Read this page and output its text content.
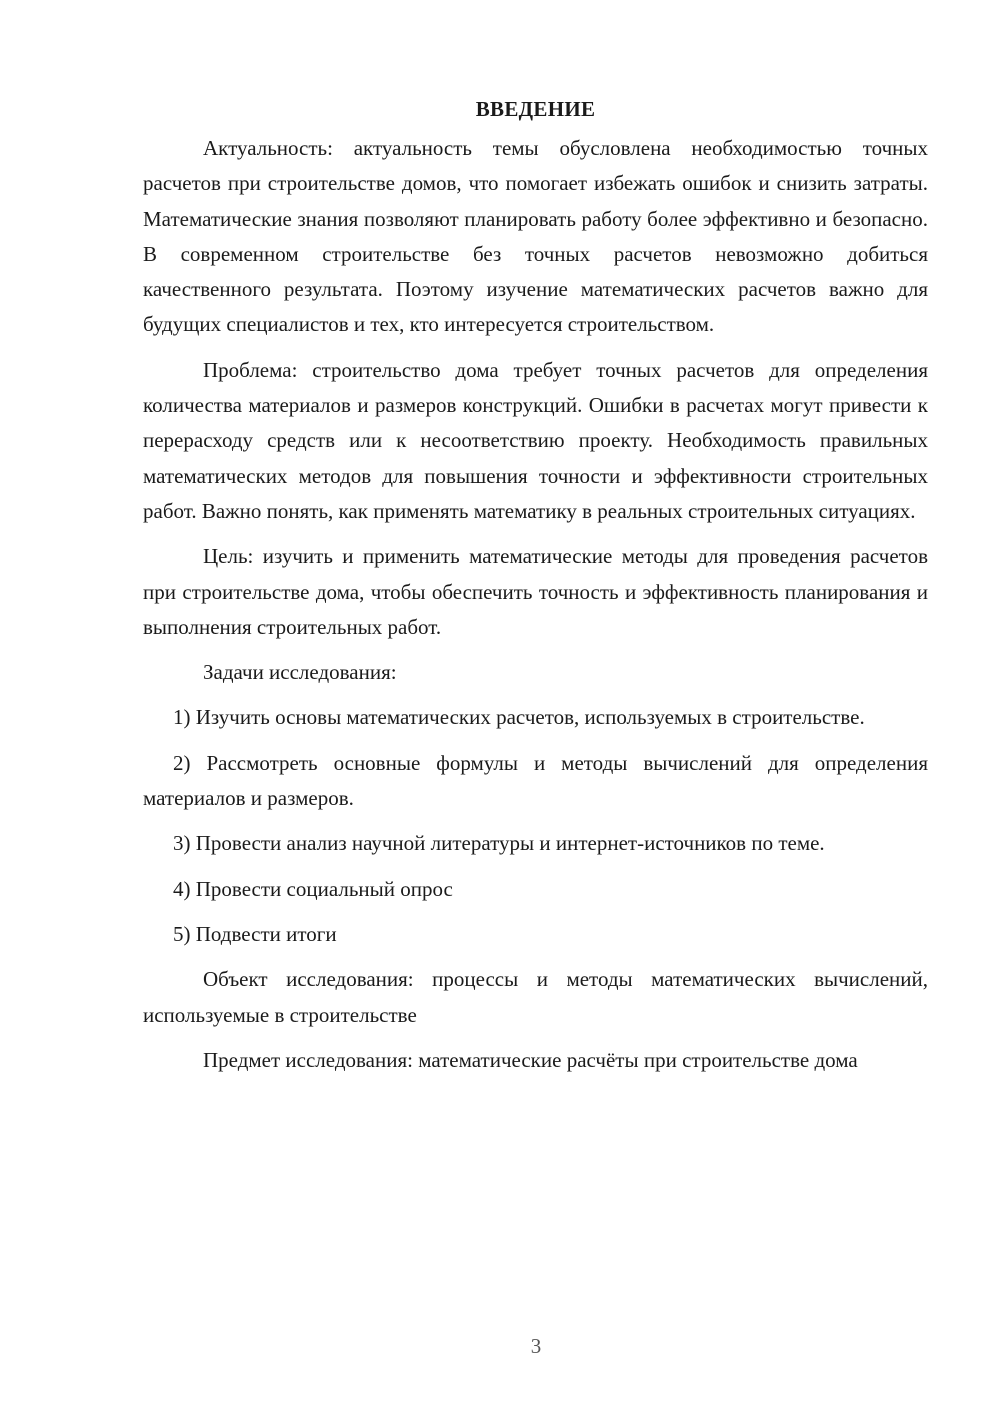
ВВЕДЕНИЕ

Актуальность: актуальность темы обусловлена необходимостью точных расчетов при строительстве домов, что помогает избежать ошибок и снизить затраты. Математические знания позволяют планировать работу более эффективно и безопасно. В современном строительстве без точных расчетов невозможно добиться качественного результата. Поэтому изучение математических расчетов важно для будущих специалистов и тех, кто интересуется строительством.

Проблема: строительство дома требует точных расчетов для определения количества материалов и размеров конструкций. Ошибки в расчетах могут привести к перерасходу средств или к несоответствию проекту. Необходимость правильных математических методов для повышения точности и эффективности строительных работ. Важно понять, как применять математику в реальных строительных ситуациях.

Цель: изучить и применить математические методы для проведения расчетов при строительстве дома, чтобы обеспечить точность и эффективность планирования и выполнения строительных работ.

Задачи исследования:

1) Изучить основы математических расчетов, используемых в строительстве.

2) Рассмотреть основные формулы и методы вычислений для определения материалов и размеров.

3) Провести анализ научной литературы и интернет-источников по теме.

4) Провести социальный опрос

5) Подвести итоги

Объект исследования: процессы и методы математических вычислений, используемые в строительстве

Предмет исследования: математические расчёты при строительстве дома

3
